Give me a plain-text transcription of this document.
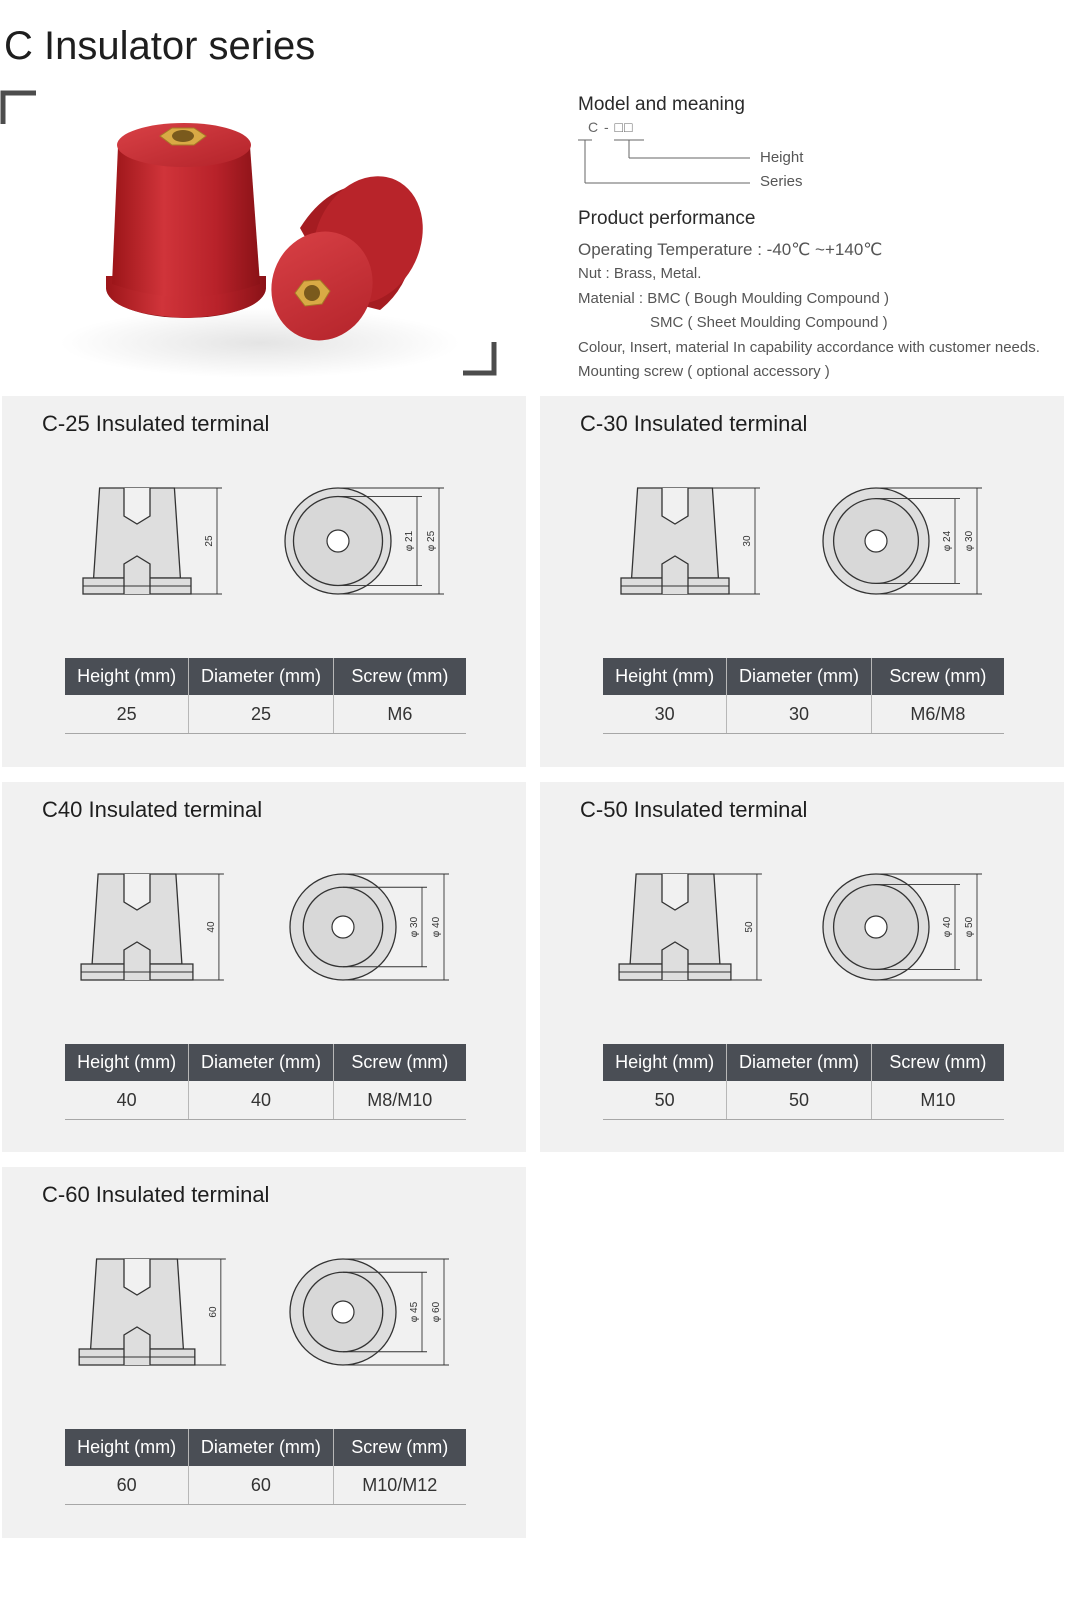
C Insulator series
Model and meaning
C - □□
Height
Series
Product performance
Operating Temperature : -40℃ ~+140℃
Nut : Brass, Metal.
Matenial : BMC ( Bough Moulding Compound )
SMC ( Sheet Moulding Compound )
Colour, Insert, material In capability accordance with customer needs.
Mounting screw ( optional accessory )
C-25 Insulated terminal
25	φ 21 φ 25
Height (mm)	Diameter (mm)	Screw (mm)
25	25	M6
C-30 Insulated terminal
30	φ 24 φ 30
Height (mm)	Diameter (mm)	Screw (mm)
30	30	M6/M8
C40 Insulated terminal
40	φ 30 φ 40
Height (mm)	Diameter (mm)	Screw (mm)
40	40	M8/M10
C-50 Insulated terminal
50	φ 40 φ 50
Height (mm)	Diameter (mm)	Screw (mm)
50	50	M10
C-60 Insulated terminal
60	φ 45 φ 60
Height (mm)	Diameter (mm)	Screw (mm)
60	60	M10/M12
